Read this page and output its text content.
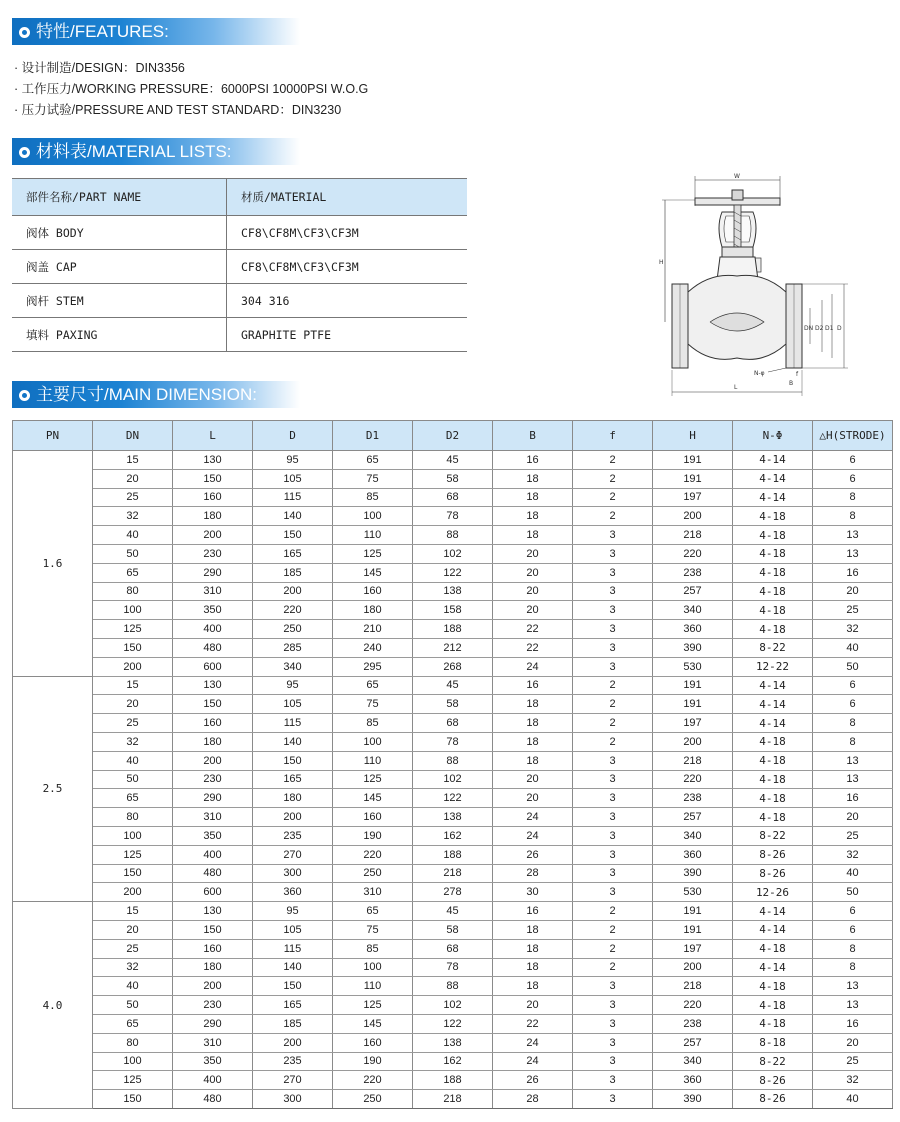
特性/FEATURES:
· 设计制造/DESIGN：DIN3356
· 工作压力/WORKING PRESSURE：6000PSI 10000PSI W.O.G
· 压力试验/PRESSURE AND TEST STANDARD：DIN3230
材料表/MATERIAL LISTS:
部件名称/PART NAME	材质/MATERIAL
阀体 BODY	CF8\CF8M\CF3\CF3M
阀盖 CAP	CF8\CF8M\CF3\CF3M
阀杆 STEM	304 316
填料 PAXING	GRAPHITE PTFE
W
H
DN D2 D1 D
N-φ
B
f
L
主要尺寸/MAIN DIMENSION:
PN	DN	L	D	D1	D2	B	f	H	N-Φ	△H(STRODE)
1.6	15	130	95	65	45	16	2	191	4-14	6
	20	150	105	75	58	18	2	191	4-14	6
	25	160	115	85	68	18	2	197	4-14	8
	32	180	140	100	78	18	2	200	4-18	8
	40	200	150	110	88	18	3	218	4-18	13
	50	230	165	125	102	20	3	220	4-18	13
	65	290	185	145	122	20	3	238	4-18	16
	80	310	200	160	138	20	3	257	4-18	20
	100	350	220	180	158	20	3	340	4-18	25
	125	400	250	210	188	22	3	360	4-18	32
	150	480	285	240	212	22	3	390	8-22	40
	200	600	340	295	268	24	3	530	12-22	50
2.5	15	130	95	65	45	16	2	191	4-14	6
	20	150	105	75	58	18	2	191	4-14	6
	25	160	115	85	68	18	2	197	4-14	8
	32	180	140	100	78	18	2	200	4-18	8
	40	200	150	110	88	18	3	218	4-18	13
	50	230	165	125	102	20	3	220	4-18	13
	65	290	180	145	122	20	3	238	4-18	16
	80	310	200	160	138	24	3	257	4-18	20
	100	350	235	190	162	24	3	340	8-22	25
	125	400	270	220	188	26	3	360	8-26	32
	150	480	300	250	218	28	3	390	8-26	40
	200	600	360	310	278	30	3	530	12-26	50
4.0	15	130	95	65	45	16	2	191	4-14	6
	20	150	105	75	58	18	2	191	4-14	6
	25	160	115	85	68	18	2	197	4-18	8
	32	180	140	100	78	18	2	200	4-14	8
	40	200	150	110	88	18	3	218	4-18	13
	50	230	165	125	102	20	3	220	4-18	13
	65	290	185	145	122	22	3	238	4-18	16
	80	310	200	160	138	24	3	257	8-18	20
	100	350	235	190	162	24	3	340	8-22	25
	125	400	270	220	188	26	3	360	8-26	32
	150	480	300	250	218	28	3	390	8-26	40
